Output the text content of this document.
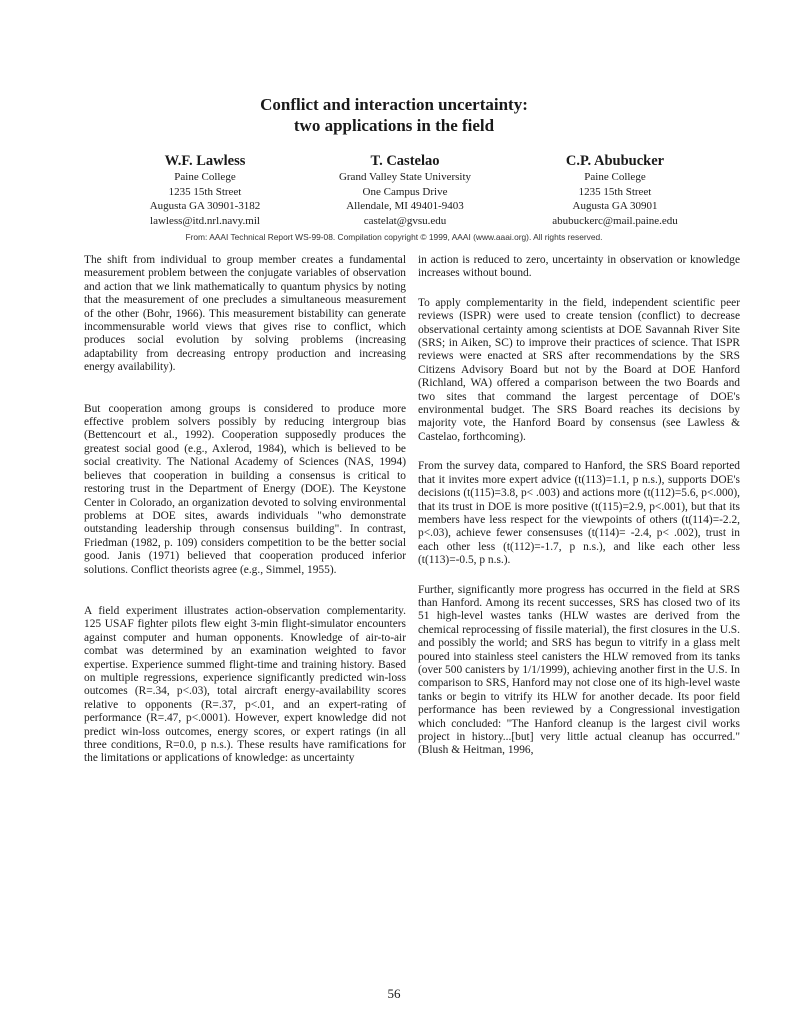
Conflict and interaction uncertainty:
two applications in the field
W.F. Lawless
Paine College
1235 15th Street
Augusta GA 30901-3182
lawless@itd.nrl.navy.mil
T. Castelao
Grand Valley State University
One Campus Drive
Allendale, MI 49401-9403
castelat@gvsu.edu
C.P. Abubucker
Paine College
1235 15th Street
Augusta GA 30901
abubuckerc@mail.paine.edu
From: AAAI Technical Report WS-99-08. Compilation copyright © 1999, AAAI (www.aaai.org). All rights reserved.

The shift from individual to group member creates a fundamental measurement problem between the conjugate variables of observation and action that we link mathematically to quantum physics by noting that the measurement of one precludes a simultaneous measurement of the other (Bohr, 1966). This measurement bistability can generate incommensurable world views that gives rise to conflict, which produces social evolution by solving problems (increasing adaptability from decreasing entropy production and increasing energy availability).

But cooperation among groups is considered to produce more effective problem solvers possibly by reducing intergroup bias (Bettencourt et al., 1992). Cooperation supposedly produces the greatest social good (e.g., Axlerod, 1984), which is believed to be social creativity. The National Academy of Sciences (NAS, 1994) believes that cooperation in building a consensus is critical to restoring trust in the Department of Energy (DOE). The Keystone Center in Colorado, an organization devoted to solving environmental problems at DOE sites, awards individuals "who demonstrate outstanding leadership through consensus building". In contrast, Friedman (1982, p. 109) considers competition to be the better social good. Janis (1971) believed that cooperation produced inferior solutions. Conflict theorists agree (e.g., Simmel, 1955).

A field experiment illustrates action-observation complementarity. 125 USAF fighter pilots flew eight 3-min flight-simulator encounters against computer and human opponents. Knowledge of air-to-air combat was determined by an examination weighted to favor expertise. Experience summed flight-time and training history. Based on multiple regressions, experience significantly predicted win-loss outcomes (R=.34, p<.03), total aircraft energy-availability scores relative to opponents (R=.37, p<.01, and an expert-rating of performance (R=.47, p<.0001). However, expert knowledge did not predict win-loss outcomes, energy scores, or expert ratings (in all three conditions, R=0.0, p n.s.). These results have ramifications for the limitations or applications of knowledge: as uncertainty

in action is reduced to zero, uncertainty in observation or knowledge increases without bound.

To apply complementarity in the field, independent scientific peer reviews (ISPR) were used to create tension (conflict) to decrease observational certainty among scientists at DOE Savannah River Site (SRS; in Aiken, SC) to improve their practices of science. That ISPR reviews were enacted at SRS after recommendations by the SRS Citizens Advisory Board but not by the Board at DOE Hanford (Richland, WA) offered a comparison between the two Boards and two sites that command the largest percentage of DOE's environmental budget. The SRS Board reaches its decisions by majority vote, the Hanford Board by consensus (see Lawless & Castelao, forthcoming).

From the survey data, compared to Hanford, the SRS Board reported that it invites more expert advice (t(113)=1.1, p n.s.), supports DOE's decisions (t(115)=3.8, p< .003) and actions more (t(112)=5.6, p<.000), that its trust in DOE is more positive (t(115)=2.9, p<.001), but that its members have less respect for the viewpoints of others (t(114)=-2.2, p<.03), achieve fewer consensuses (t(114)= -2.4, p< .002), trust in each other less (t(112)=-1.7, p n.s.), and like each other less (t(113)=-0.5, p n.s.).

Further, significantly more progress has occurred in the field at SRS than Hanford. Among its recent successes, SRS has closed two of its 51 high-level wastes tanks (HLW wastes are derived from the chemical reprocessing of fissile material), the first closures in the U.S. and possibly the world; and SRS has begun to vitrify in a glass melt poured into stainless steel canisters the HLW removed from its tanks (over 500 canisters by 1/1/1999), achieving another first in the U.S. In comparison to SRS, Hanford may not close one of its high-level waste tanks or begin to vitrify its HLW for another decade. Its poor field performance has been reviewed by a Congressional investigation which concluded: "The Hanford cleanup is the largest civil works project in history...[but] very little actual cleanup has occurred." (Blush & Heitman, 1996,

56
